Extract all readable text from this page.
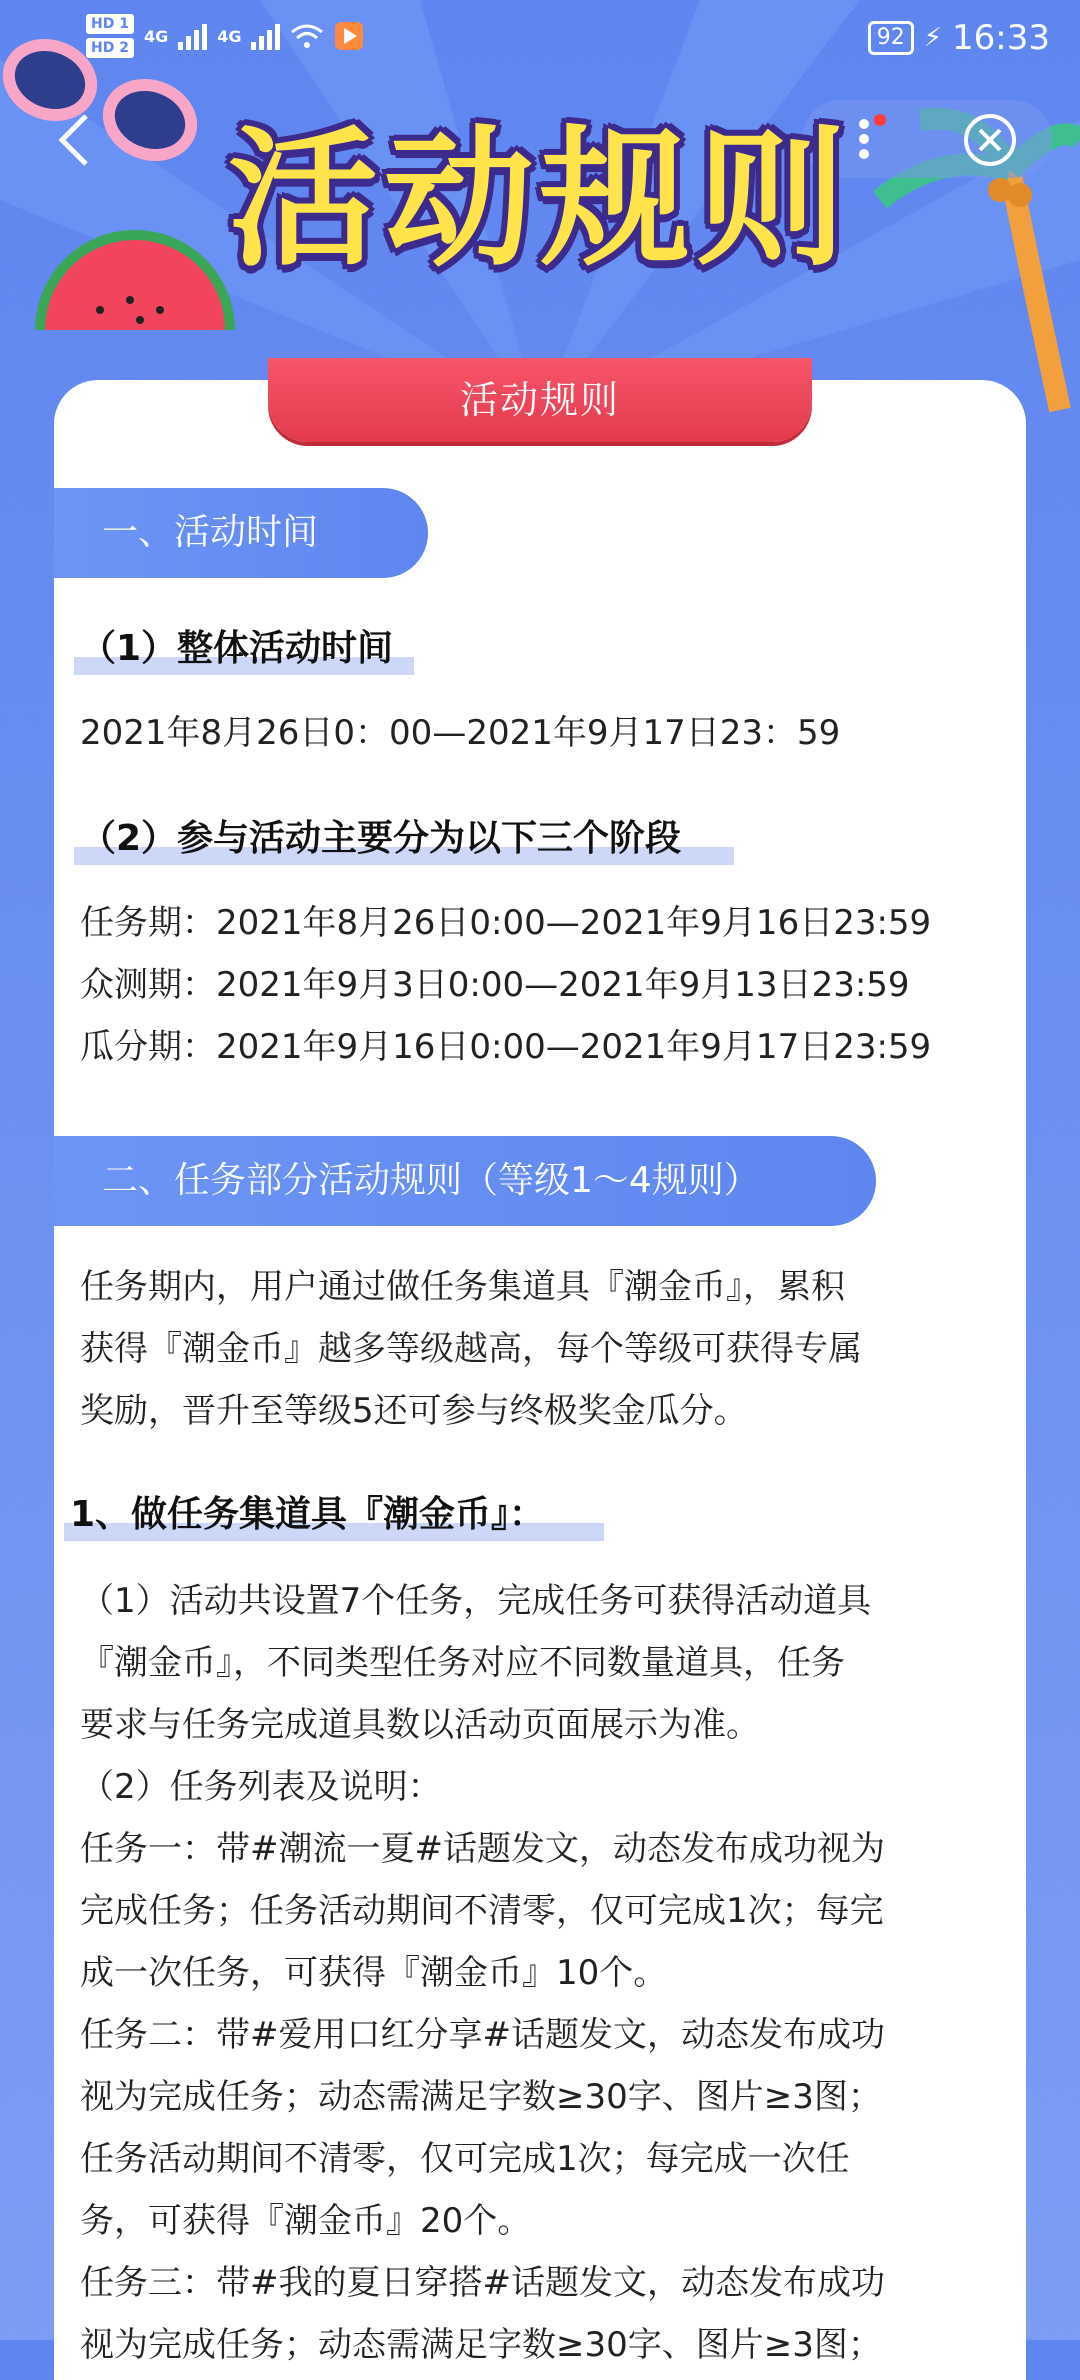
HD 1
HD 2
4G	4G	92 ⚡ 16:33
活动规则
活动规则
一、活动时间
（1）整体活动时间
2021年8月26日0：00—2021年9月17日23：59
（2）参与活动主要分为以下三个阶段
任务期：2021年8月26日0:00—2021年9月16日23:59
众测期：2021年9月3日0:00—2021年9月13日23:59
瓜分期：2021年9月16日0:00—2021年9月17日23:59
二、任务部分活动规则（等级1～4规则）
任务期内，用户通过做任务集道具『潮金币』，累积
获得『潮金币』越多等级越高，每个等级可获得专属
奖励，晋升至等级5还可参与终极奖金瓜分。
1、做任务集道具『潮金币』：
（1）活动共设置7个任务，完成任务可获得活动道具
『潮金币』，不同类型任务对应不同数量道具，任务
要求与任务完成道具数以活动页面展示为准。
（2）任务列表及说明：
任务一：带#潮流一夏#话题发文，动态发布成功视为
完成任务；任务活动期间不清零，仅可完成1次；每完
成一次任务，可获得『潮金币』10个。
任务二：带#爱用口红分享#话题发文，动态发布成功
视为完成任务；动态需满足字数≥30字、图片≥3图；
任务活动期间不清零，仅可完成1次；每完成一次任
务，可获得『潮金币』20个。
任务三：带#我的夏日穿搭#话题发文，动态发布成功
